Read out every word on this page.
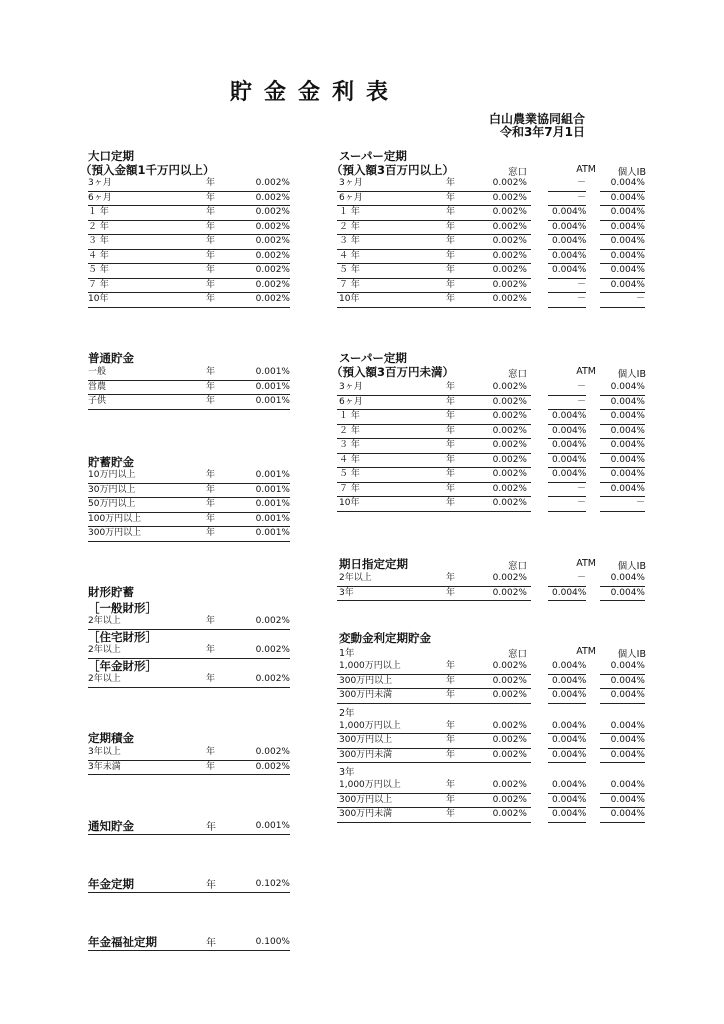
貯金金利表
白山農業協同組合
令和3年7月1日
大口定期
（預入金額1千万円以上）
3ヶ月	年	0.002%
6ヶ月	年	0.002%
１ 年	年	0.002%
２ 年	年	0.002%
３ 年	年	0.002%
４ 年	年	0.002%
５ 年	年	0.002%
７ 年	年	0.002%
10年	年	0.002%
普通貯金
一般	年	0.001%
営農	年	0.001%
子供	年	0.001%
貯蓄貯金
10万円以上	年	0.001%
30万円以上	年	0.001%
50万円以上	年	0.001%
100万円以上	年	0.001%
300万円以上	年	0.001%
財形貯蓄
［一般財形］
2年以上	年	0.002%
［住宅財形］
2年以上	年	0.002%
［年金財形］
2年以上	年	0.002%
定期積金
3年以上	年	0.002%
3年未満	年	0.002%
通知貯金	年	0.001%
年金定期	年	0.102%
年金福祉定期	年	0.100%
スーパー定期
（預入額3百万円以上）	窓口	ATM 個人IB
3ヶ月	年	0.002%	－	0.004%
6ヶ月	年	0.002%	－	0.004%
１ 年	年	0.002%	0.004%	0.004%
２ 年	年	0.002%	0.004%	0.004%
３ 年	年	0.002%	0.004%	0.004%
４ 年	年	0.002%	0.004%	0.004%
５ 年	年	0.002%	0.004%	0.004%
７ 年	年	0.002%	－	0.004%
10年	年	0.002%	－	－
スーパー定期
（預入額3百万円未満）	窓口	ATM 個人IB
3ヶ月	年	0.002%	－	0.004%
6ヶ月	年	0.002%	－	0.004%
１ 年	年	0.002%	0.004%	0.004%
２ 年	年	0.002%	0.004%	0.004%
３ 年	年	0.002%	0.004%	0.004%
４ 年	年	0.002%	0.004%	0.004%
５ 年	年	0.002%	0.004%	0.004%
７ 年	年	0.002%	－	0.004%
10年	年	0.002%	－	－
期日指定定期	窓口	ATM 個人IB
2年以上	年	0.002%	－	0.004%
3年	年	0.002%	0.004%	0.004%
変動金利定期貯金
窓口	ATM 個人IB
1年
1,000万円以上	年	0.002%	0.004%	0.004%
300万円以上	年	0.002%	0.004%	0.004%
300万円未満	年	0.002%	0.004%	0.004%
2年
1,000万円以上	年	0.002%	0.004%	0.004%
300万円以上	年	0.002%	0.004%	0.004%
300万円未満	年	0.002%	0.004%	0.004%
3年
1,000万円以上	年	0.002%	0.004%	0.004%
300万円以上	年	0.002%	0.004%	0.004%
300万円未満	年	0.002%	0.004%	0.004%
